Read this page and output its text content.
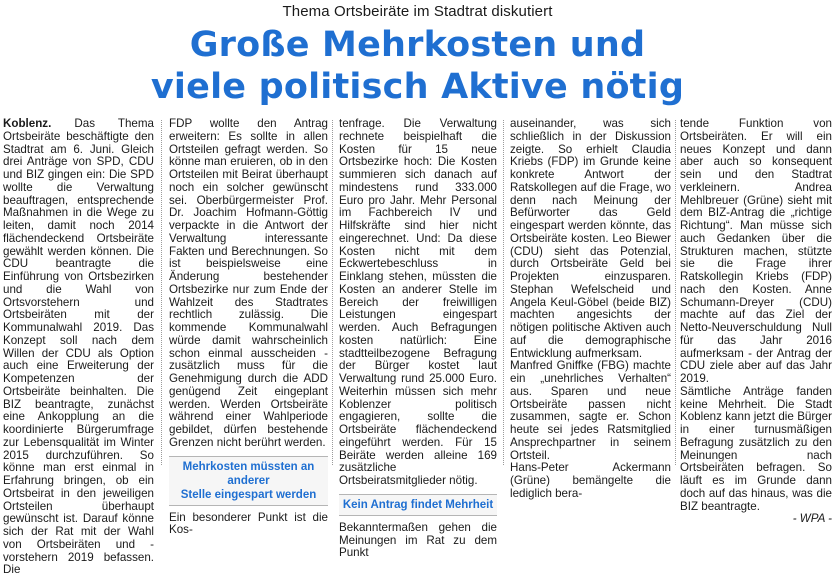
Thema Ortsbeiräte im Stadtrat diskutiert
Große Mehrkosten und
viele politisch Aktive nötig

Koblenz. Das Thema Ortsbeiräte beschäftigte den Stadtrat am 6. Juni. Gleich drei Anträge von SPD, CDU und BIZ gingen ein: Die SPD wollte die Verwaltung beauftragen, entsprechende Maßnahmen in die Wege zu leiten, damit noch 2014 flächendeckend Ortsbeiräte gewählt werden können. Die CDU beantragte die Einführung von Ortsbezirken und die Wahl von Ortsvorstehern und Ortsbeiräten mit der Kommunalwahl 2019. Das Konzept soll nach dem Willen der CDU als Option auch eine Erweiterung der Kompetenzen der Ortsbeiräte beinhalten. Die BIZ beantragte, zunächst eine Ankopplung an die koordinierte Bürgerumfrage zur Lebensqualität im Winter 2015 durchzuführen. So könne man erst einmal in Erfahrung bringen, ob ein Ortsbeirat in den jeweiligen Ortsteilen überhaupt gewünscht ist. Darauf könne sich der Rat mit der Wahl von Ortsbeiräten und -vorstehern 2019 befassen. Die

FDP wollte den Antrag erweitern: Es sollte in allen Ortsteilen gefragt werden. So könne man eruieren, ob in den Ortsteilen mit Beirat überhaupt noch ein solcher gewünscht sei. Oberbürgermeister Prof. Dr. Joachim Hofmann-Göttig verpackte in die Antwort der Verwaltung interessante Fakten und Berechnungen. So ist beispielsweise eine Änderung bestehender Ortsbezirke nur zum Ende der Wahlzeit des Stadtrates rechtlich zulässig. Die kommende Kommunalwahl würde damit wahrscheinlich schon einmal ausscheiden - zusätzlich muss für die Genehmigung durch die ADD genügend Zeit eingeplant werden. Werden Ortsbeiräte während einer Wahlperiode gebildet, dürfen bestehende Grenzen nicht berührt werden.

Mehrkosten müssten an anderer
Stelle eingespart werden

Ein besonderer Punkt ist die Kos-

tenfrage. Die Verwaltung rechnete beispielhaft die Kosten für 15 neue Ortsbezirke hoch: Die Kosten summieren sich danach auf mindestens rund 333.000 Euro pro Jahr. Mehr Personal im Fachbereich IV und Hilfskräfte sind hier nicht eingerechnet. Und: Da diese Kosten nicht mit dem Eckwertebeschluss in Einklang stehen, müssten die Kosten an anderer Stelle im Bereich der freiwilligen Leistungen eingespart werden. Auch Befragungen kosten natürlich: Eine stadtteilbezogene Befragung der Bürger kostet laut Verwaltung rund 25.000 Euro. Weiterhin müssen sich mehr Koblenzer politisch engagieren, sollte die Ortsbeiräte flächendeckend eingeführt werden. Für 15 Beiräte werden alleine 169 zusätzliche Ortsbeiratsmitglieder nötig.

Kein Antrag findet Mehrheit

Bekanntermaßen gehen die Meinungen im Rat zu dem Punkt

auseinander, was sich schließlich in der Diskussion zeigte. So erhielt Claudia Kriebs (FDP) im Grunde keine konkrete Antwort der Ratskollegen auf die Frage, wo denn nach Meinung der Befürworter das Geld eingespart werden könnte, das Ortsbeiräte kosten. Leo Biewer (CDU) sieht das Potenzial, durch Ortsbeiräte Geld bei Projekten einzusparen. Stephan Wefelscheid und Angela Keul-Göbel (beide BIZ) machten angesichts der nötigen politische Aktiven auch auf die demographische Entwicklung aufmerksam.

Manfred Gniffke (FBG) machte ein „unehrliches Verhalten“ aus. Sparen und neue Ortsbeiräte passen nicht zusammen, sagte er. Schon heute sei jedes Ratsmitglied Ansprechpartner in seinem Ortsteil.

Hans-Peter Ackermann (Grüne) bemängelte die lediglich bera-

tende Funktion von Ortsbeiräten. Er will ein neues Konzept und dann aber auch so konsequent sein und den Stadtrat verkleinern. Andrea Mehlbreuer (Grüne) sieht mit dem BIZ-Antrag die „richtige Richtung“. Man müsse sich auch Gedanken über die Strukturen machen, stützte sie die Frage ihrer Ratskollegin Kriebs (FDP) nach den Kosten. Anne Schumann-Dreyer (CDU) machte auf das Ziel der Netto-Neuverschuldung Null für das Jahr 2016 aufmerksam - der Antrag der CDU ziele aber auf das Jahr 2019.

Sämtliche Anträge fanden keine Mehrheit. Die Stadt Koblenz kann jetzt die Bürger in einer turnusmäßigen Befragung zusätzlich zu den Meinungen nach Ortsbeiräten befragen. So läuft es im Grunde dann doch auf das hinaus, was die BIZ beantragte.

- WPA -
